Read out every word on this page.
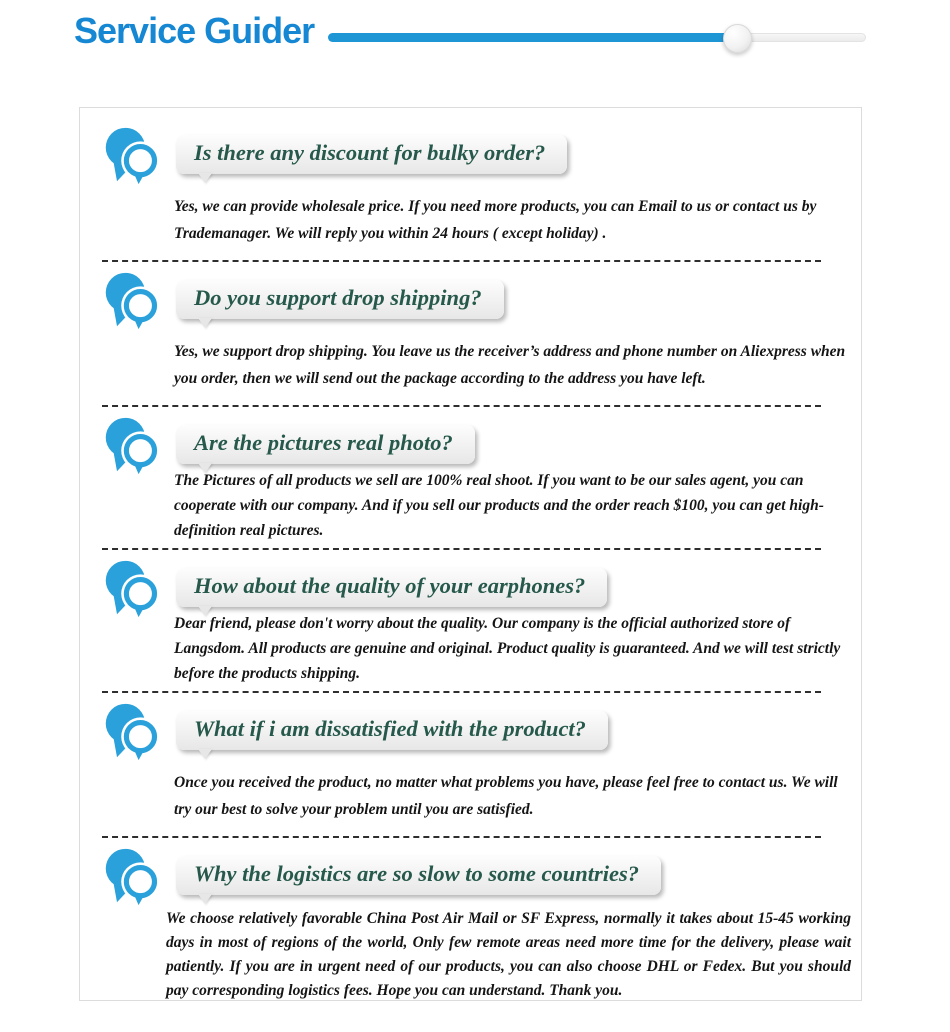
Service Guider
Is there any discount for bulky order?

Yes, we can provide wholesale price. If you need more products, you can Email to us or contact us by Trademanager. We will reply you within 24 hours ( except holiday) .

Do you support drop shipping?

Yes, we support drop shipping. You leave us the receiver’s address and phone number on Aliexpress when you order, then we will send out the package according to the address you have left.

Are the pictures real photo?

The Pictures of all products we sell are 100% real shoot. If you want to be our sales agent, you can cooperate with our company. And if you sell our products and the order reach $100, you can get high-definition real pictures.

How about the quality of your earphones?

Dear friend, please don't worry about the quality. Our company is the official authorized store of Langsdom. All products are genuine and original. Product quality is guaranteed. And we will test strictly before the products shipping.

What if i am dissatisfied with the product?

Once you received the product, no matter what problems you have, please feel free to contact us. We will try our best to solve your problem until you are satisfied.

Why the logistics are so slow to some countries?

We choose relatively favorable China Post Air Mail or SF Express, normally it takes about 15-45 working days in most of regions of the world, Only few remote areas need more time for the delivery, please wait patiently. If you are in urgent need of our products, you can also choose DHL or Fedex. But you should pay corresponding logistics fees. Hope you can understand. Thank you.
